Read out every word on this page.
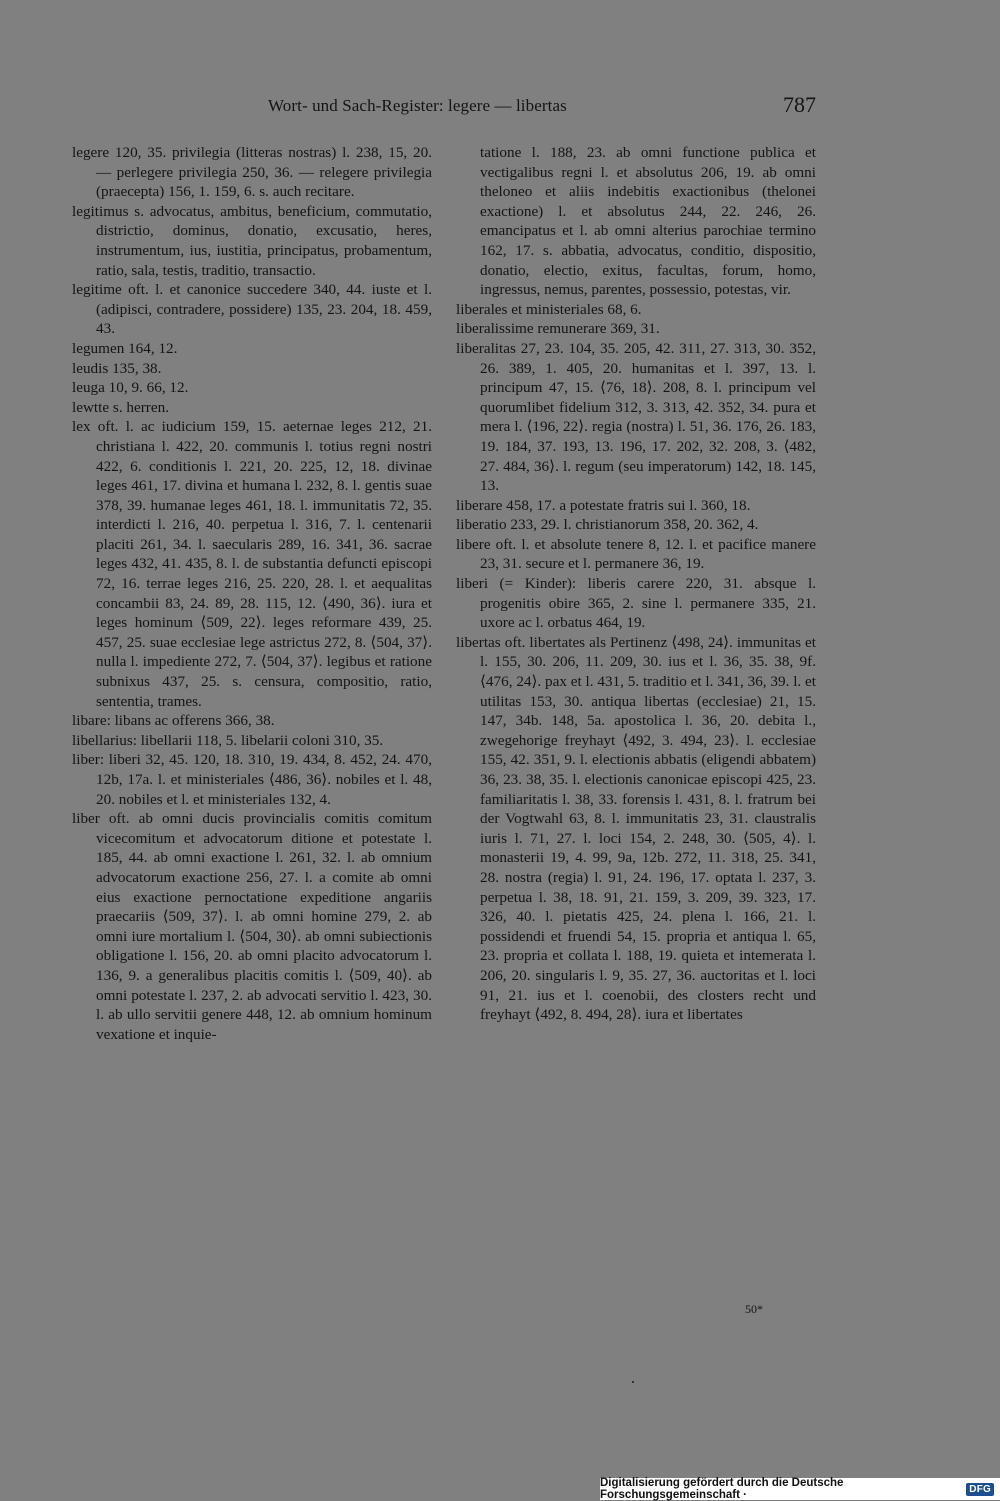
Wort- und Sach-Register: legere — libertas	787
legere 120, 35. privilegia (litteras nostras) l. 238, 15, 20. — perlegere privilegia 250, 36. — relegere privilegia (praecepta) 156, 1. 159, 6. s. auch recitare.
legitimus s. advocatus, ambitus, beneficium, commutatio, districtio, dominus, donatio, excusatio, heres, instrumentum, ius, iustitia, principatus, probamentum, ratio, sala, testis, traditio, transactio.
legitime oft. l. et canonice succedere 340, 44. iuste et l. (adipisci, contradere, possidere) 135, 23. 204, 18. 459, 43.
legumen 164, 12.
leudis 135, 38.
leuga 10, 9. 66, 12.
lewtte s. herren.
lex oft. l. ac iudicium 159, 15. aeternae leges 212, 21. christiana l. 422, 20. communis l. totius regni nostri 422, 6. conditionis l. 221, 20. 225, 12, 18. divinae leges 461, 17. divina et humana l. 232, 8. l. gentis suae 378, 39. humanae leges 461, 18. l. immunitatis 72, 35. interdicti l. 216, 40. perpetua l. 316, 7. l. centenarii placiti 261, 34. l. saecularis 289, 16. 341, 36. sacrae leges 432, 41. 435, 8. l. de substantia defuncti episcopi 72, 16. terrae leges 216, 25. 220, 28. l. et aequalitas concambii 83, 24. 89, 28. 115, 12. ⟨490, 36⟩. iura et leges hominum ⟨509, 22⟩. leges reformare 439, 25. 457, 25. suae ecclesiae lege astrictus 272, 8. ⟨504, 37⟩. nulla l. impediente 272, 7. ⟨504, 37⟩. legibus et ratione subnixus 437, 25. s. censura, compositio, ratio, sententia, trames.
libare: libans ac offerens 366, 38.
libellarius: libellarii 118, 5. libelarii coloni 310, 35.
liber: liberi 32, 45. 120, 18. 310, 19. 434, 8. 452, 24. 470, 12b, 17a. l. et ministeriales ⟨486, 36⟩. nobiles et l. 48, 20. nobiles et l. et ministeriales 132, 4.
liber oft. ab omni ducis provincialis comitis comitum vicecomitum et advocatorum ditione et potestate l. 185, 44. ab omni exactione l. 261, 32. l. ab omnium advocatorum exactione 256, 27. l. a comite ab omni eius exactione pernoctatione expeditione angariis praecariis ⟨509, 37⟩. l. ab omni homine 279, 2. ab omni iure mortalium l. ⟨504, 30⟩. ab omni subiectionis obligatione l. 156, 20. ab omni placito advocatorum l. 136, 9. a generalibus placitis comitis l. ⟨509, 40⟩. ab omni potestate l. 237, 2. ab advocati servitio l. 423, 30. l. ab ullo servitii genere 448, 12. ab omnium hominum vexatione et inquie-
tatione l. 188, 23. ab omni functione publica et vectigalibus regni l. et absolutus 206, 19. ab omni theloneo et aliis indebitis exactionibus (thelonei exactione) l. et absolutus 244, 22. 246, 26. emancipatus et l. ab omni alterius parochiae termino 162, 17. s. abbatia, advocatus, conditio, dispositio, donatio, electio, exitus, facultas, forum, homo, ingressus, nemus, parentes, possessio, potestas, vir.
liberales et ministeriales 68, 6.
liberalissime remunerare 369, 31.
liberalitas 27, 23. 104, 35. 205, 42. 311, 27. 313, 30. 352, 26. 389, 1. 405, 20. humanitas et l. 397, 13. l. principum 47, 15. ⟨76, 18⟩. 208, 8. l. principum vel quorumlibet fidelium 312, 3. 313, 42. 352, 34. pura et mera l. ⟨196, 22⟩. regia (nostra) l. 51, 36. 176, 26. 183, 19. 184, 37. 193, 13. 196, 17. 202, 32. 208, 3. ⟨482, 27. 484, 36⟩. l. regum (seu imperatorum) 142, 18. 145, 13.
liberare 458, 17. a potestate fratris sui l. 360, 18.
liberatio 233, 29. l. christianorum 358, 20. 362, 4.
libere oft. l. et absolute tenere 8, 12. l. et pacifice manere 23, 31. secure et l. permanere 36, 19.
liberi (= Kinder): liberis carere 220, 31. absque l. progenitis obire 365, 2. sine l. permanere 335, 21. uxore ac l. orbatus 464, 19.
libertas oft. libertates als Pertinenz ⟨498, 24⟩. immunitas et l. 155, 30. 206, 11. 209, 30. ius et l. 36, 35. 38, 9f. ⟨476, 24⟩. pax et l. 431, 5. traditio et l. 341, 36, 39. l. et utilitas 153, 30. antiqua libertas (ecclesiae) 21, 15. 147, 34b. 148, 5a. apostolica l. 36, 20. debita l., zwegehorige freyhayt ⟨492, 3. 494, 23⟩. l. ecclesiae 155, 42. 351, 9. l. electionis abbatis (eligendi abbatem) 36, 23. 38, 35. l. electionis canonicae episcopi 425, 23. familiaritatis l. 38, 33. forensis l. 431, 8. l. fratrum bei der Vogtwahl 63, 8. l. immunitatis 23, 31. claustralis iuris l. 71, 27. l. loci 154, 2. 248, 30. ⟨505, 4⟩. l. monasterii 19, 4. 99, 9a, 12b. 272, 11. 318, 25. 341, 28. nostra (regia) l. 91, 24. 196, 17. optata l. 237, 3. perpetua l. 38, 18. 91, 21. 159, 3. 209, 39. 323, 17. 326, 40. l. pietatis 425, 24. plena l. 166, 21. l. possidendi et fruendi 54, 15. propria et antiqua l. 65, 23. propria et collata l. 188, 19. quieta et intemerata l. 206, 20. singularis l. 9, 35. 27, 36. auctoritas et l. loci 91, 21. ius et l. coenobii, des closters recht und freyhayt ⟨492, 8. 494, 28⟩. iura et libertates
50*
Digitalisierung gefördert durch die Deutsche Forschungsgemeinschaft ·	DFG
